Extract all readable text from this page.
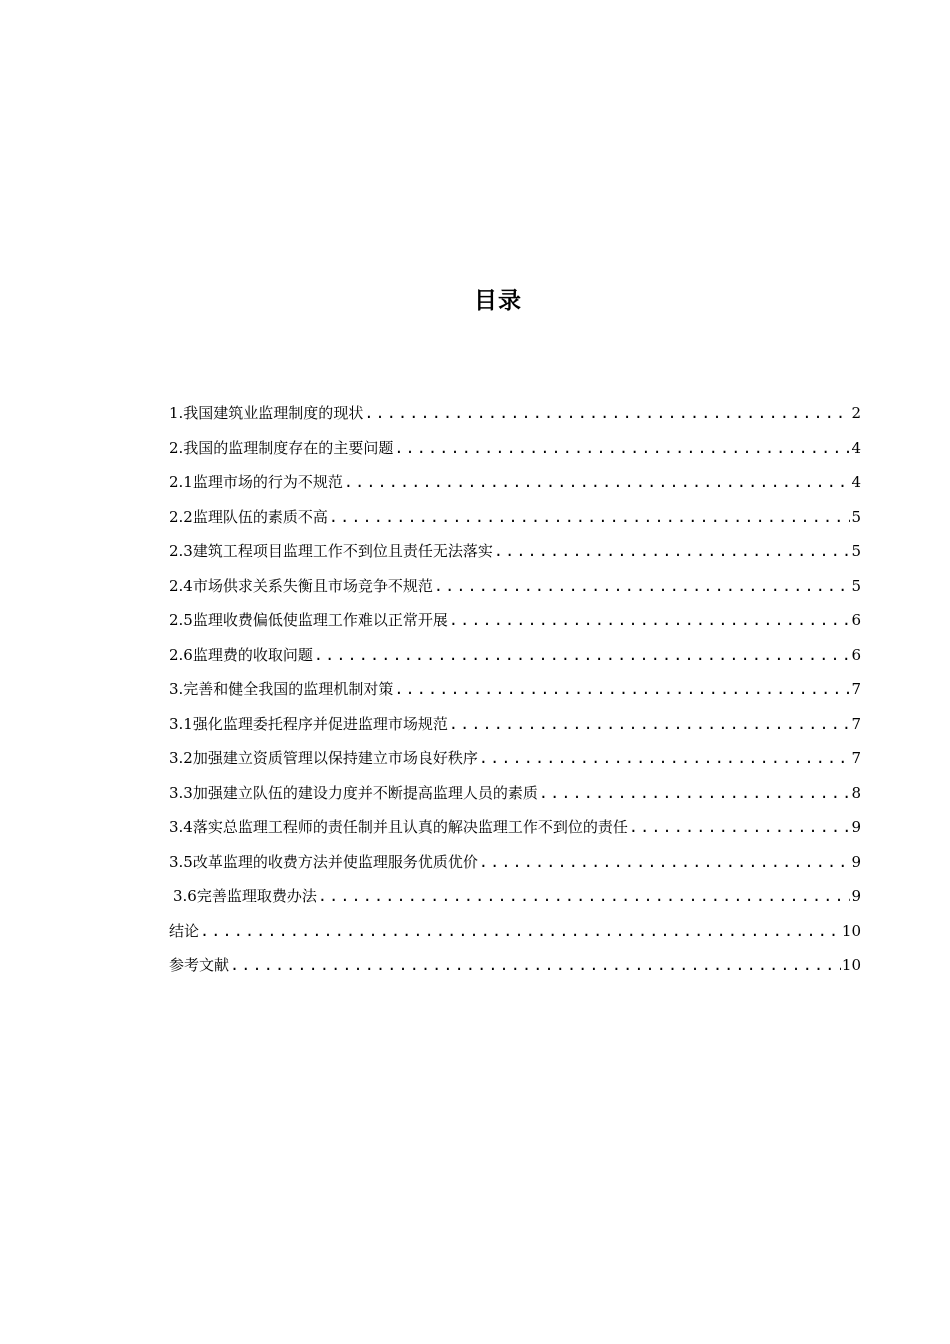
目录
1.我国建筑业监理制度的现状 .....	2
2.我国的监理制度存在的主要问题 .....	4
2.1监理市场的行为不规范 .....	4
2.2监理队伍的素质不高 .....	5
2.3建筑工程项目监理工作不到位且责任无法落实 .....	5
2.4市场供求关系失衡且市场竞争不规范 .....	5
2.5监理收费偏低使监理工作难以正常开展 .....	6
2.6监理费的收取问题 .....	6
3.完善和健全我国的监理机制对策 .....	7
3.1强化监理委托程序并促进监理市场规范 .....	7
3.2加强建立资质管理以保持建立市场良好秩序 .....	7
3.3加强建立队伍的建设力度并不断提高监理人员的素质 .....	8
3.4落实总监理工程师的责任制并且认真的解决监理工作不到位的责任 .....	9
3.5改革监理的收费方法并使监理服务优质优价 .....	9
3.6完善监理取费办法 .....	9
结论 .....	10
参考文献 .....	10
